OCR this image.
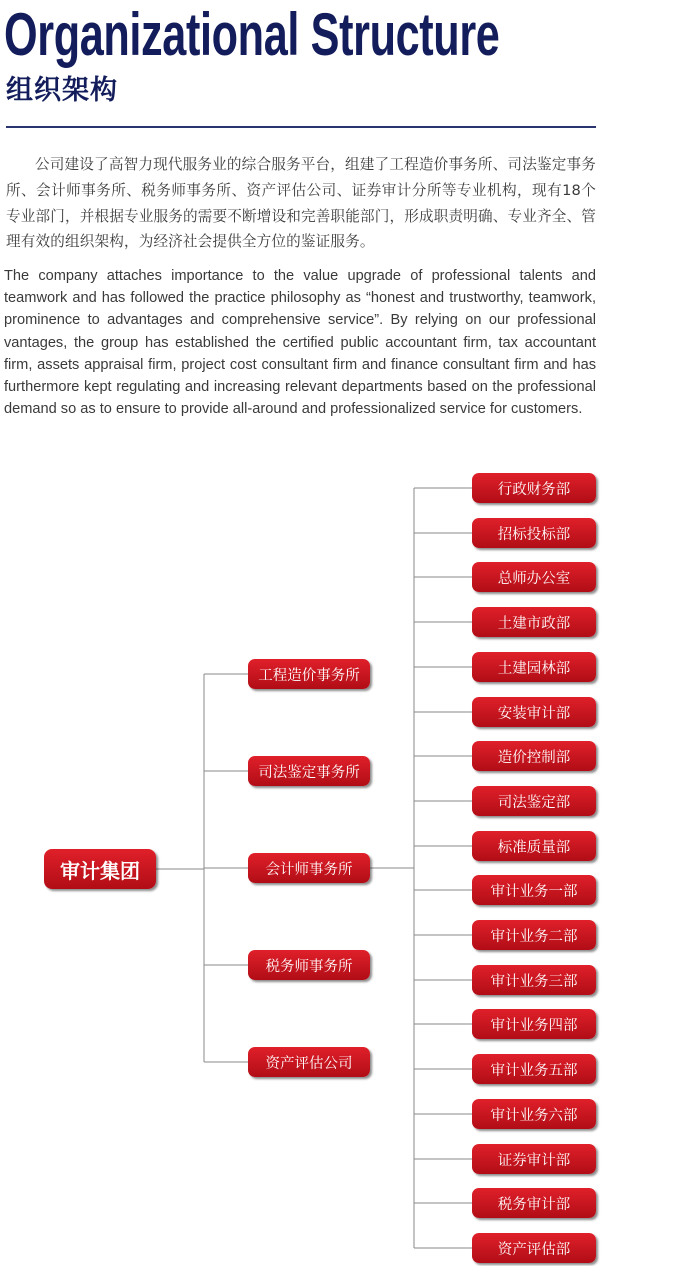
Organizational Structure
组织架构

公司建设了高智力现代服务业的综合服务平台，组建了工程造价事务所、司法鉴定事务所、会计师事务所、税务师事务所、资产评估公司、证券审计分所等专业机构，现有18个专业部门，并根据专业服务的需要不断增设和完善职能部门，形成职责明确、专业齐全、管理有效的组织架构，为经济社会提供全方位的鉴证服务。

The company attaches importance to the value upgrade of professional talents and teamwork and has followed the practice philosophy as “honest and trustworthy, teamwork, prominence to advantages and comprehensive service”. By relying on our professional vantages, the group has established the certified public accountant firm, tax accountant firm, assets appraisal firm, project cost consultant firm and finance consultant firm and has furthermore kept regulating and increasing relevant departments based on the professional demand so as to ensure to provide all-around and professionalized service for customers.

审计集团
工程造价事务所
司法鉴定事务所
会计师事务所
税务师事务所
资产评估公司
行政财务部
招标投标部
总师办公室
土建市政部
土建园林部
安装审计部
造价控制部
司法鉴定部
标准质量部
审计业务一部
审计业务二部
审计业务三部
审计业务四部
审计业务五部
审计业务六部
证券审计部
税务审计部
资产评估部
